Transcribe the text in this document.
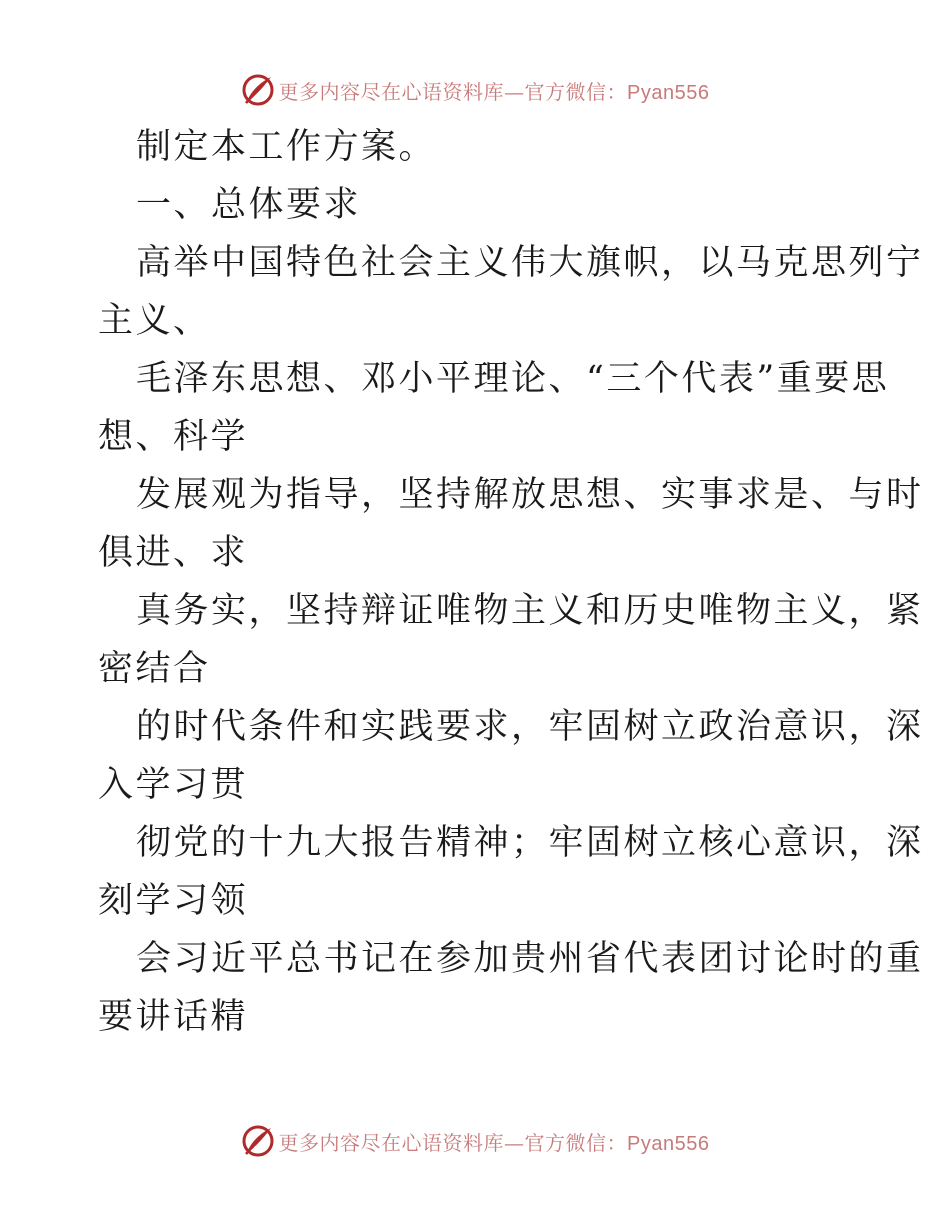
更多内容尽在心语资料库—官方微信：Pyan556
制定本工作方案。
一、总体要求
高举中国特色社会主义伟大旗帜，以马克思列宁
主义、
毛泽东思想、邓小平理论、“三个代表”重要思
想、科学
发展观为指导，坚持解放思想、实事求是、与时
俱进、求
真务实，坚持辩证唯物主义和历史唯物主义，紧
密结合
的时代条件和实践要求，牢固树立政治意识，深
入学习贯
彻党的十九大报告精神；牢固树立核心意识，深
刻学习领
会习近平总书记在参加贵州省代表团讨论时的重
要讲话精
更多内容尽在心语资料库—官方微信：Pyan556
